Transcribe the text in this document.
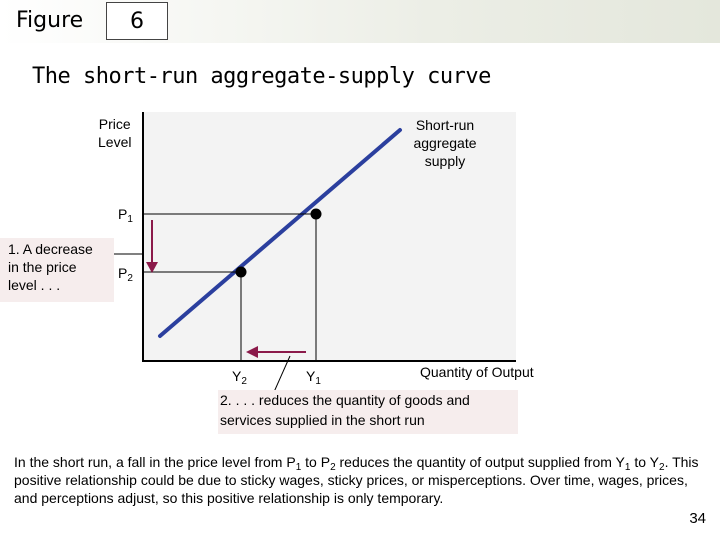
Figure	6
The short-run aggregate-supply curve
Price
Level
Short-run
aggregate
supply
$P_1$
$P_2$
$Y_2$	$Y_1$
Quantity of Output
1. A decrease
in the price
level . . .
2. . . . reduces the quantity of goods and
services supplied in the short run
In the short run, a fall in the price level from $P_1$ to $P_2$ reduces the quantity of output supplied from $Y_1$ to $Y_2$. This positive relationship could be due to sticky wages, sticky prices, or misperceptions. Over time, wages, prices, and perceptions adjust, so this positive relationship is only temporary.
34
